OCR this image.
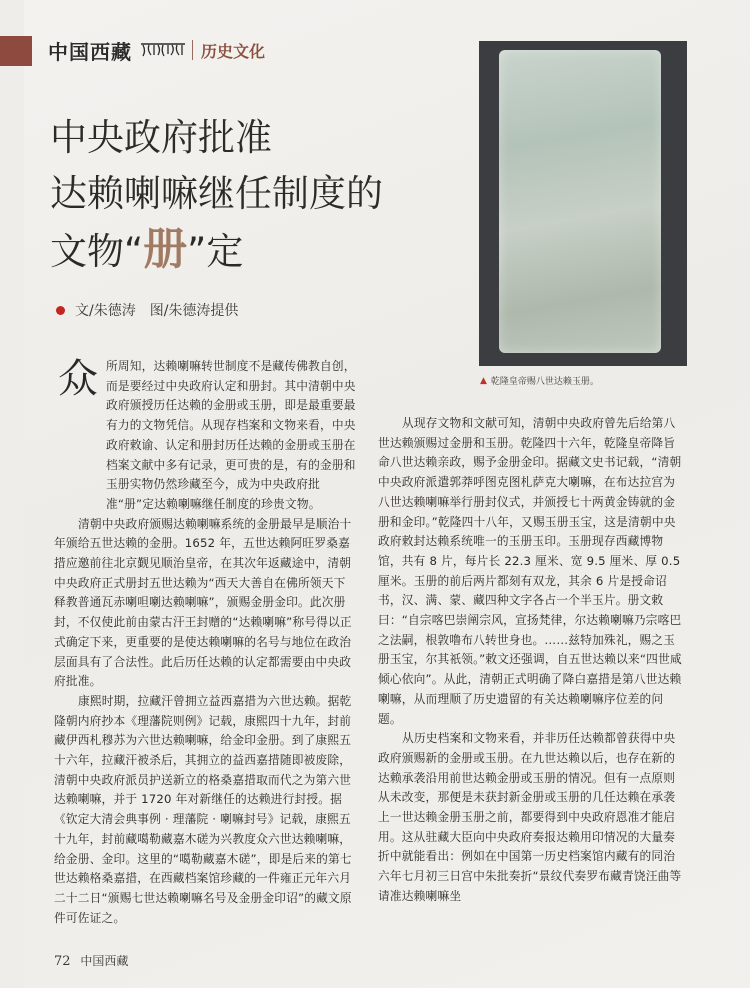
中国西藏	历史文化
▲ 乾隆皇帝赐八世达赖玉册。
中央政府批准
达赖喇嘛继任制度的
文物“册”定
文/朱德涛　图/朱德涛提供
众 所周知，达赖喇嘛转世制度不是藏传佛教自创，而是要经过中央政府认定和册封。其中清朝中央政府颁授历任达赖的金册或玉册，即是最重要最有力的文物凭信。从现存档案和文物来看，中央政府敕谕、认定和册封历任达赖的金册或玉册在档案文献中多有记录，更可贵的是，有的金册和玉册实物仍然珍藏至今，成为中央政府批准“册”定达赖喇嘛继任制度的珍贵文物。

清朝中央政府颁赐达赖喇嘛系统的金册最早是顺治十年颁给五世达赖的金册。1652 年，五世达赖阿旺罗桑嘉措应邀前往北京觐见顺治皇帝，在其次年返藏途中，清朝中央政府正式册封五世达赖为“西天大善自在佛所领天下释教普通瓦赤喇呾喇达赖喇嘛”，颁赐金册金印。此次册封，不仅使此前由蒙古汗王封赠的“达赖喇嘛”称号得以正式确定下来，更重要的是使达赖喇嘛的名号与地位在政治层面具有了合法性。此后历任达赖的认定都需要由中央政府批准。

康熙时期，拉藏汗曾拥立益西嘉措为六世达赖。据乾隆朝内府抄本《理藩院则例》记载，康熙四十九年，封前藏伊西札穆苏为六世达赖喇嘛，给金印金册。到了康熙五十六年，拉藏汗被杀后，其拥立的益西嘉措随即被废除，清朝中央政府派员护送新立的格桑嘉措取而代之为第六世达赖喇嘛，并于 1720 年对新继任的达赖进行封授。据《钦定大清会典事例 · 理藩院 · 喇嘛封号》记载，康熙五十九年，封前藏噶勒藏嘉木磋为兴教度众六世达赖喇嘛，给金册、金印。这里的“噶勒藏嘉木磋”，即是后来的第七世达赖格桑嘉措，在西藏档案馆珍藏的一件雍正元年六月二十二日“颁赐七世达赖喇嘛名号及金册金印诏”的藏文原件可佐证之。

从现存文物和文献可知，清朝中央政府曾先后给第八世达赖颁赐过金册和玉册。乾隆四十六年，乾隆皇帝降旨命八世达赖亲政，赐予金册金印。据藏文史书记载，“清朝中央政府派遣郭莽呼图克图札萨克大喇嘛，在布达拉宫为八世达赖喇嘛举行册封仪式，并颁授七十两黄金铸就的金册和金印。”乾隆四十八年，又赐玉册玉宝，这是清朝中央政府敕封达赖系统唯一的玉册玉印。玉册现存西藏博物馆，共有 8 片，每片长 22.3 厘米、宽 9.5 厘米、厚 0.5 厘米。玉册的前后两片都刻有双龙，其余 6 片是授命诏书，汉、满、蒙、藏四种文字各占一个半玉片。册文敕曰：“自宗喀巴崇阐宗风，宣扬梵律，尔达赖喇嘛乃宗喀巴之法嗣，根敦噜布八转世身也。……兹特加殊礼，赐之玉册玉宝，尔其祇领。”敕文还强调，自五世达赖以来“四世咸倾心依向”。从此，清朝正式明确了降白嘉措是第八世达赖喇嘛，从而理顺了历史遗留的有关达赖喇嘛序位差的问题。

从历史档案和文物来看，并非历任达赖都曾获得中央政府颁赐新的金册或玉册。在九世达赖以后，也存在新的达赖承袭沿用前世达赖金册或玉册的情况。但有一点原则从未改变，那便是未获封新金册或玉册的几任达赖在承袭上一世达赖金册玉册之前，都要得到中央政府恩准才能启用。这从驻藏大臣向中央政府奏报达赖用印情况的大量奏折中就能看出：例如在中国第一历史档案馆内藏有的同治六年七月初三日宫中朱批奏折“景纹代奏罗布藏青饶汪曲等请准达赖喇嘛坐

72 中国西藏
